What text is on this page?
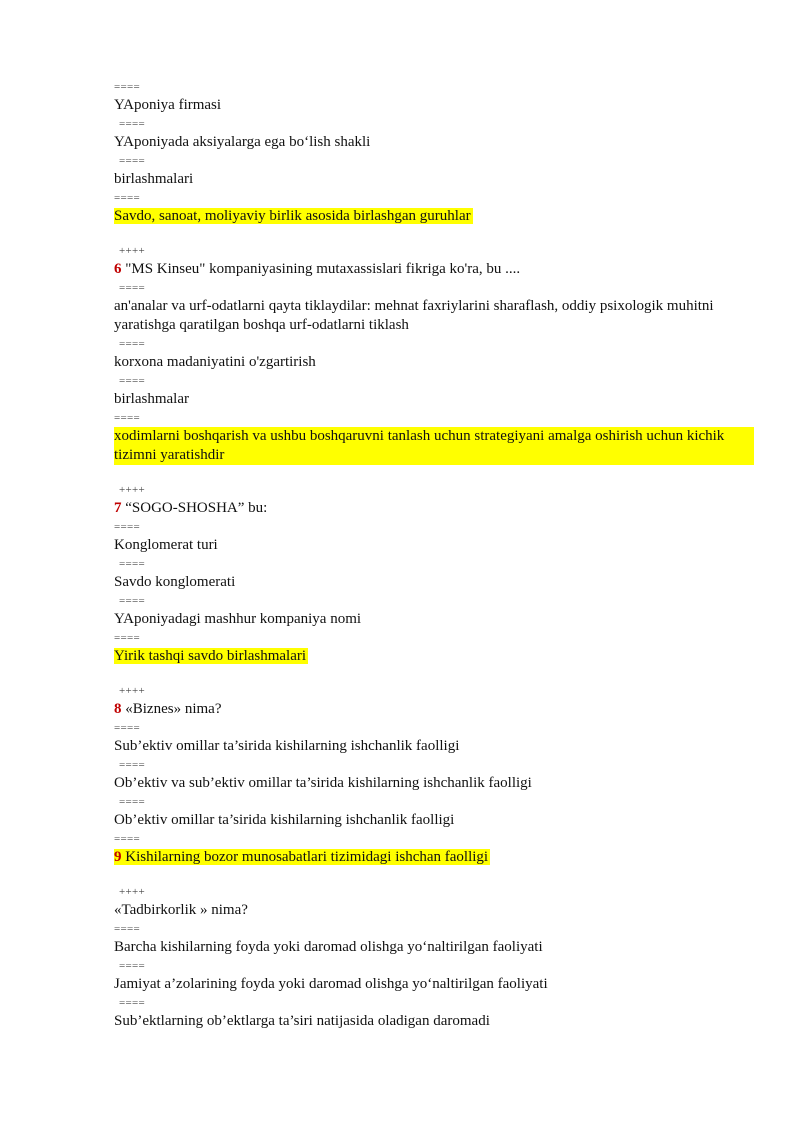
====
YAponiya firmasi
====
YAponiyada aksiyalarga ega bo‘lish shakli
====
birlashmalari
====
Savdo, sanoat, moliyaviy birlik asosida birlashgan guruhlar
++++
6 "MS Kinseu" kompaniyasining mutaxassislari fikriga ko'ra, bu ....
====
an'analar va urf-odatlarni qayta tiklaydilar: mehnat faxriylarini sharaflash, oddiy psixologik muhitni yaratishga qaratilgan boshqa urf-odatlarni tiklash
====
korxona madaniyatini o'zgartirish
====
birlashmalar
====
xodimlarni boshqarish va ushbu boshqaruvni tanlash uchun strategiyani amalga oshirish uchun kichik tizimni yaratishdir
++++
7 “SOGO-SHOSHA” bu:
====
Konglomerat turi
====
Savdo konglomerati
====
YAponiyadagi mashhur kompaniya nomi
====
Yirik tashqi savdo birlashmalari
++++
8 «Biznes» nima?
====
Sub’ektiv omillar ta’sirida kishilarning ishchanlik faolligi
====
Ob’ektiv va sub’ektiv omillar ta’sirida kishilarning ishchanlik faolligi
====
Ob’ektiv omillar ta’sirida kishilarning ishchanlik faolligi
====
9 Kishilarning bozor munosabatlari tizimidagi ishchan faolligi
++++
«Tadbirkorlik » nima?
====
Barcha kishilarning foyda yoki daromad olishga yo‘naltirilgan faoliyati
====
Jamiyat a’zolarining foyda yoki daromad olishga yo‘naltirilgan faoliyati
====
Sub’ektlarning ob’ektlarga ta’siri natijasida oladigan daromadi
